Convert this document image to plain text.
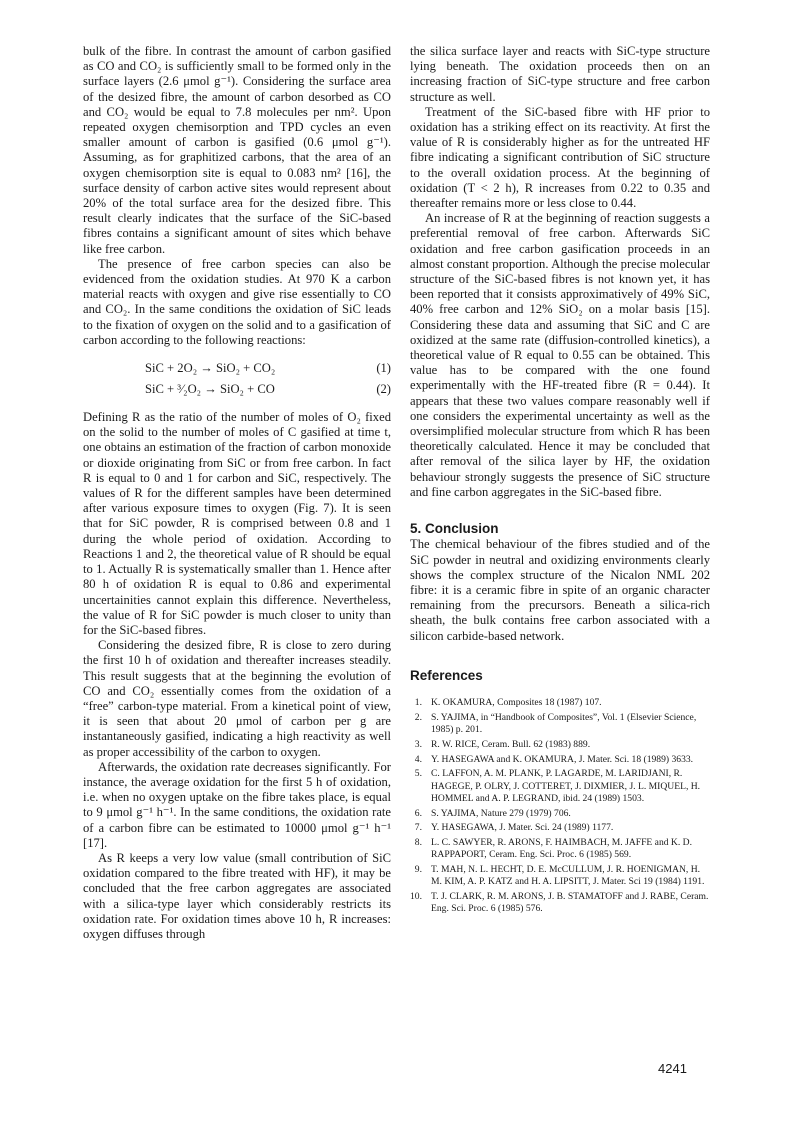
bulk of the fibre. In contrast the amount of carbon gasified as CO and CO₂ is sufficiently small to be formed only in the surface layers (2.6 μmol g⁻¹). Considering the surface area of the desized fibre, the amount of carbon desorbed as CO and CO₂ would be equal to 7.8 molecules per nm². Upon repeated oxygen chemisorption and TPD cycles an even smaller amount of carbon is gasified (0.6 μmol g⁻¹). Assuming, as for graphitized carbons, that the area of an oxygen chemisorption site is equal to 0.083 nm² [16], the surface density of carbon active sites would represent about 20% of the total surface area for the desized fibre. This result clearly indicates that the surface of the SiC-based fibres contains a significant amount of sites which behave like free carbon.

The presence of free carbon species can also be evidenced from the oxidation studies. At 970 K a carbon material reacts with oxygen and give rise essentially to CO and CO₂. In the same conditions the oxidation of SiC leads to the fixation of oxygen on the solid and to a gasification of carbon according to the following reactions:

SiC + 2O₂ → SiO₂ + CO₂	(1)
SiC + ³⁄₂O₂ → SiO₂ + CO	(2)

Defining R as the ratio of the number of moles of O₂ fixed on the solid to the number of moles of C gasified at time t, one obtains an estimation of the fraction of carbon monoxide or dioxide originating from SiC or from free carbon. In fact R is equal to 0 and 1 for carbon and SiC, respectively. The values of R for the different samples have been determined after various exposure times to oxygen (Fig. 7). It is seen that for SiC powder, R is comprised between 0.8 and 1 during the whole period of oxidation. According to Reactions 1 and 2, the theoretical value of R should be equal to 1. Actually R is systematically smaller than 1. Hence after 80 h of oxidation R is equal to 0.86 and experimental uncertainities cannot explain this difference. Nevertheless, the value of R for SiC powder is much closer to unity than for the SiC-based fibres.

Considering the desized fibre, R is close to zero during the first 10 h of oxidation and thereafter increases steadily. This result suggests that at the beginning the evolution of CO and CO₂ essentially comes from the oxidation of a “free” carbon-type material. From a kinetical point of view, it is seen that about 20 μmol of carbon per g are instantaneously gasified, indicating a high reactivity as well as proper accessibility of the carbon to oxygen.

Afterwards, the oxidation rate decreases significantly. For instance, the average oxidation for the first 5 h of oxidation, i.e. when no oxygen uptake on the fibre takes place, is equal to 9 μmol g⁻¹ h⁻¹. In the same conditions, the oxidation rate of a carbon fibre can be estimated to 10000 μmol g⁻¹ h⁻¹ [17].

As R keeps a very low value (small contribution of SiC oxidation compared to the fibre treated with HF), it may be concluded that the free carbon aggregates are associated with a silica-type layer which considerably restricts its oxidation rate. For oxidation times above 10 h, R increases: oxygen diffuses through

the silica surface layer and reacts with SiC-type structure lying beneath. The oxidation proceeds then on an increasing fraction of SiC-type structure and free carbon structure as well.

Treatment of the SiC-based fibre with HF prior to oxidation has a striking effect on its reactivity. At first the value of R is considerably higher as for the untreated HF fibre indicating a significant contribution of SiC structure to the overall oxidation process. At the beginning of oxidation (T < 2 h), R increases from 0.22 to 0.35 and thereafter remains more or less close to 0.44.

An increase of R at the beginning of reaction suggests a preferential removal of free carbon. Afterwards SiC oxidation and free carbon gasification proceeds in an almost constant proportion. Although the precise molecular structure of the SiC-based fibres is not known yet, it has been reported that it consists approximatively of 49% SiC, 40% free carbon and 12% SiO₂ on a molar basis [15]. Considering these data and assuming that SiC and C are oxidized at the same rate (diffusion-controlled kinetics), a theoretical value of R equal to 0.55 can be obtained. This value has to be compared with the one found experimentally with the HF-treated fibre (R = 0.44). It appears that these two values compare reasonably well if one considers the experimental uncertainty as well as the oversimplified molecular structure from which R has been theoretically calculated. Hence it may be concluded that after removal of the silica layer by HF, the oxidation behaviour strongly suggests the presence of SiC structure and fine carbon aggregates in the SiC-based fibre.

5. Conclusion

The chemical behaviour of the fibres studied and of the SiC powder in neutral and oxidizing environments clearly shows the complex structure of the Nicalon NML 202 fibre: it is a ceramic fibre in spite of an organic character remaining from the precursors. Beneath a silica-rich sheath, the bulk contains free carbon associated with a silicon carbide-based network.

References
1. K. OKAMURA, Composites 18 (1987) 107.
2. S. YAJIMA, in “Handbook of Composites”, Vol. 1 (Elsevier Science, 1985) p. 201.
3. R. W. RICE, Ceram. Bull. 62 (1983) 889.
4. Y. HASEGAWA and K. OKAMURA, J. Mater. Sci. 18 (1989) 3633.
5. C. LAFFON, A. M. PLANK, P. LAGARDE, M. LARIDJANI, R. HAGEGE, P. OLRY, J. COTTERET, J. DIXMIER, J. L. MIQUEL, H. HOMMEL and A. P. LEGRAND, ibid. 24 (1989) 1503.
6. S. YAJIMA, Nature 279 (1979) 706.
7. Y. HASEGAWA, J. Mater. Sci. 24 (1989) 1177.
8. L. C. SAWYER, R. ARONS, F. HAIMBACH, M. JAFFE and K. D. RAPPAPORT, Ceram. Eng. Sci. Proc. 6 (1985) 569.
9. T. MAH, N. L. HECHT, D. E. McCULLUM, J. R. HOENIGMAN, H. M. KIM, A. P. KATZ and H. A. LIPSITT, J. Mater. Sci 19 (1984) 1191.
10. T. J. CLARK, R. M. ARONS, J. B. STAMATOFF and J. RABE, Ceram. Eng. Sci. Proc. 6 (1985) 576.
4241
